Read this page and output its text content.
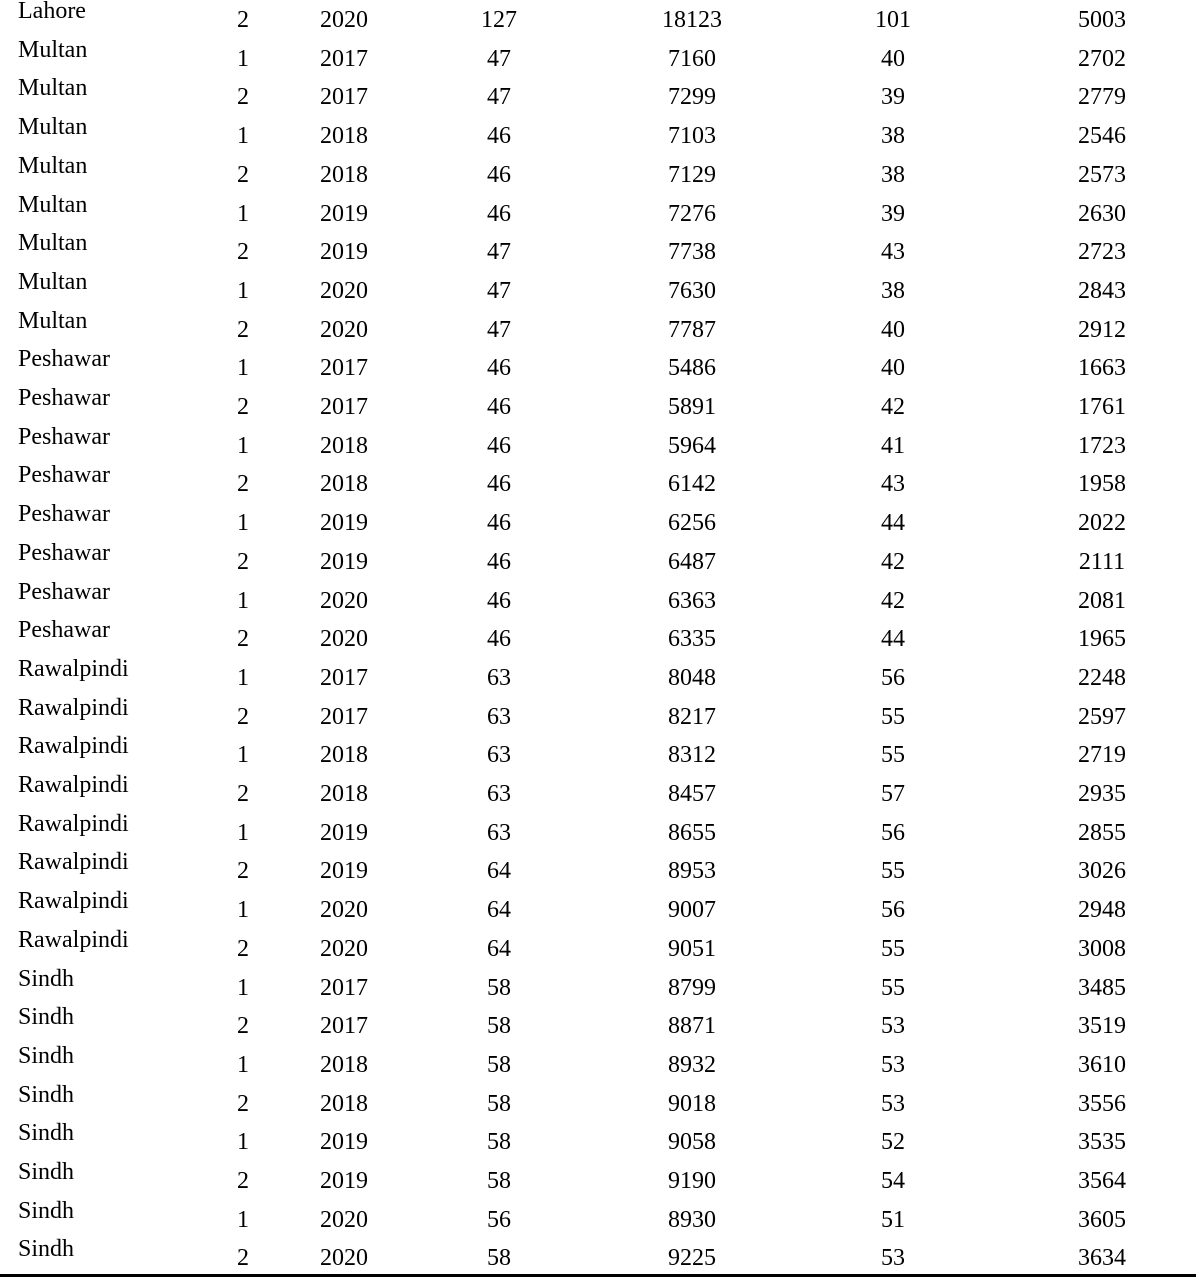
Lahore	2	2020	127	18123	101	5003
Multan	1	2017	47	7160	40	2702
Multan	2	2017	47	7299	39	2779
Multan	1	2018	46	7103	38	2546
Multan	2	2018	46	7129	38	2573
Multan	1	2019	46	7276	39	2630
Multan	2	2019	47	7738	43	2723
Multan	1	2020	47	7630	38	2843
Multan	2	2020	47	7787	40	2912
Peshawar	1	2017	46	5486	40	1663
Peshawar	2	2017	46	5891	42	1761
Peshawar	1	2018	46	5964	41	1723
Peshawar	2	2018	46	6142	43	1958
Peshawar	1	2019	46	6256	44	2022
Peshawar	2	2019	46	6487	42	2111
Peshawar	1	2020	46	6363	42	2081
Peshawar	2	2020	46	6335	44	1965
Rawalpindi	1	2017	63	8048	56	2248
Rawalpindi	2	2017	63	8217	55	2597
Rawalpindi	1	2018	63	8312	55	2719
Rawalpindi	2	2018	63	8457	57	2935
Rawalpindi	1	2019	63	8655	56	2855
Rawalpindi	2	2019	64	8953	55	3026
Rawalpindi	1	2020	64	9007	56	2948
Rawalpindi	2	2020	64	9051	55	3008
Sindh	1	2017	58	8799	55	3485
Sindh	2	2017	58	8871	53	3519
Sindh	1	2018	58	8932	53	3610
Sindh	2	2018	58	9018	53	3556
Sindh	1	2019	58	9058	52	3535
Sindh	2	2019	58	9190	54	3564
Sindh	1	2020	56	8930	51	3605
Sindh	2	2020	58	9225	53	3634
